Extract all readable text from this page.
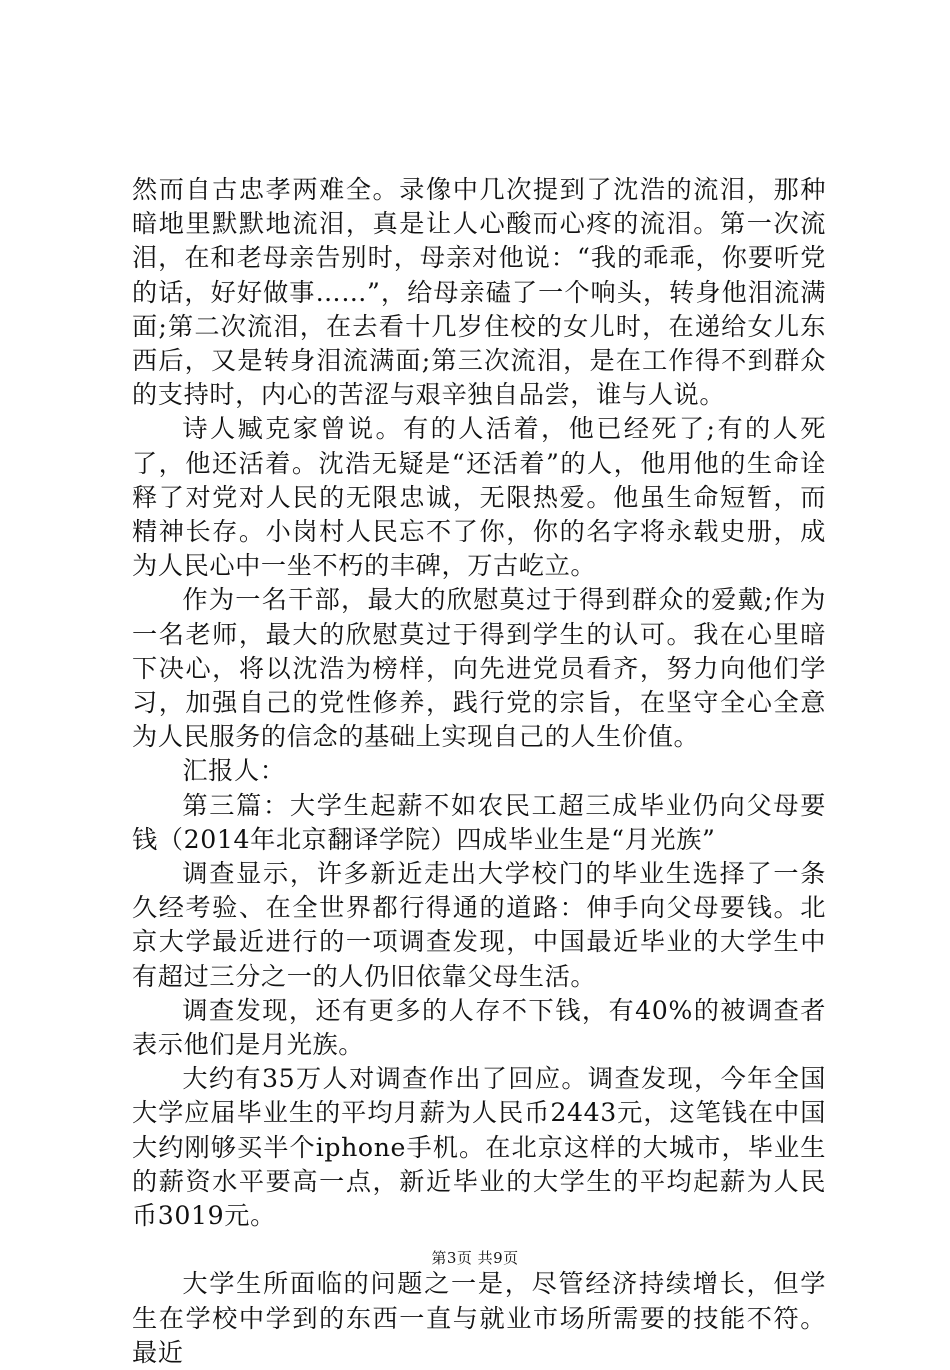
然而自古忠孝两难全。录像中几次提到了沈浩的流泪，那种暗地里默默地流泪，真是让人心酸而心疼的流泪。第一次流泪，在和老母亲告别时，母亲对他说：“我的乖乖，你要听党的话，好好做事……”，给母亲磕了一个响头，转身他泪流满面;第二次流泪，在去看十几岁住校的女儿时，在递给女儿东西后，又是转身泪流满面;第三次流泪，是在工作得不到群众的支持时，内心的苦涩与艰辛独自品尝，谁与人说。

诗人臧克家曾说。有的人活着，他已经死了;有的人死了，他还活着。沈浩无疑是“还活着”的人，他用他的生命诠释了对党对人民的无限忠诚，无限热爱。他虽生命短暂，而精神长存。小岗村人民忘不了你，你的名字将永载史册，成为人民心中一坐不朽的丰碑，万古屹立。

作为一名干部，最大的欣慰莫过于得到群众的爱戴;作为一名老师，最大的欣慰莫过于得到学生的认可。我在心里暗下决心，将以沈浩为榜样，向先进党员看齐，努力向他们学习，加强自己的党性修养，践行党的宗旨，在坚守全心全意为人民服务的信念的基础上实现自己的人生价值。

汇报人：

第三篇：大学生起薪不如农民工超三成毕业仍向父母要钱（2014年北京翻译学院）四成毕业生是“月光族”

调查显示，许多新近走出大学校门的毕业生选择了一条久经考验、在全世界都行得通的道路：伸手向父母要钱。北京大学最近进行的一项调查发现，中国最近毕业的大学生中有超过三分之一的人仍旧依靠父母生活。

调查发现，还有更多的人存不下钱，有40%的被调查者表示他们是月光族。

大约有35万人对调查作出了回应。调查发现，今年全国大学应届毕业生的平均月薪为人民币2443元，这笔钱在中国大约刚够买半个iphone手机。在北京这样的大城市，毕业生的薪资水平要高一点，新近毕业的大学生的平均起薪为人民币3019元。

大学生所面临的问题之一是，尽管经济持续增长，但学生在学校中学到的东西一直与就业市场所需要的技能不符。最近

第3页 共9页
